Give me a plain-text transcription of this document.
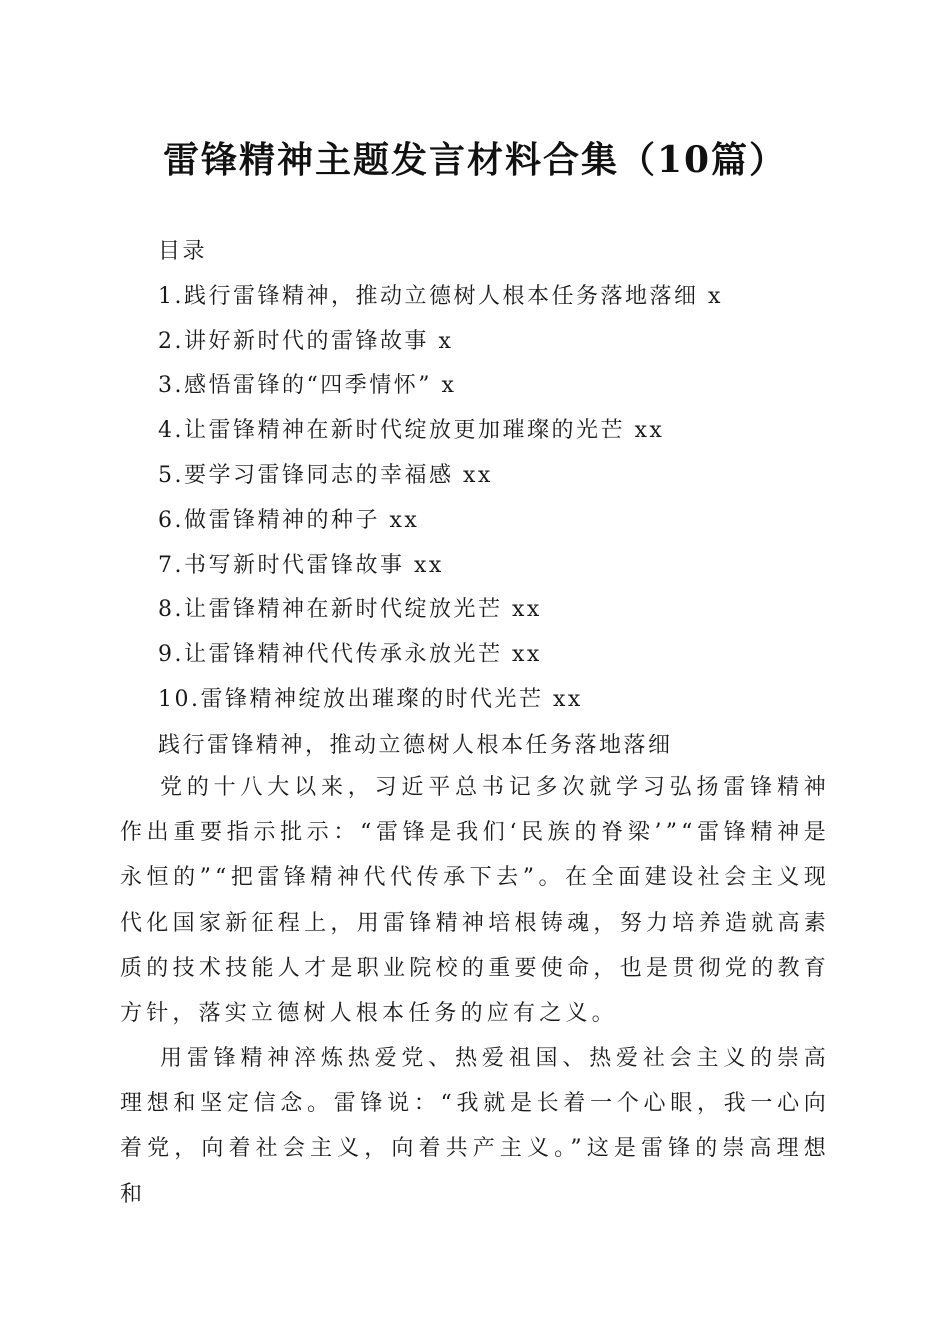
雷锋精神主题发言材料合集（10篇）
目录
1.践行雷锋精神，推动立德树人根本任务落地落细 x
2.讲好新时代的雷锋故事 x
3.感悟雷锋的“四季情怀” x
4.让雷锋精神在新时代绽放更加璀璨的光芒 xx
5.要学习雷锋同志的幸福感 xx
6.做雷锋精神的种子 xx
7.书写新时代雷锋故事 xx
8.让雷锋精神在新时代绽放光芒 xx
9.让雷锋精神代代传承永放光芒 xx
10.雷锋精神绽放出璀璨的时代光芒 xx
践行雷锋精神，推动立德树人根本任务落地落细

党的十八大以来，习近平总书记多次就学习弘扬雷锋精神作出重要指示批示：“雷锋是我们‘民族的脊梁’”“雷锋精神是永恒的”“把雷锋精神代代传承下去”。在全面建设社会主义现代化国家新征程上，用雷锋精神培根铸魂，努力培养造就高素质的技术技能人才是职业院校的重要使命，也是贯彻党的教育方针，落实立德树人根本任务的应有之义。

用雷锋精神淬炼热爱党、热爱祖国、热爱社会主义的崇高理想和坚定信念。雷锋说：“我就是长着一个心眼，我一心向着党，向着社会主义，向着共产主义。”这是雷锋的崇高理想和
